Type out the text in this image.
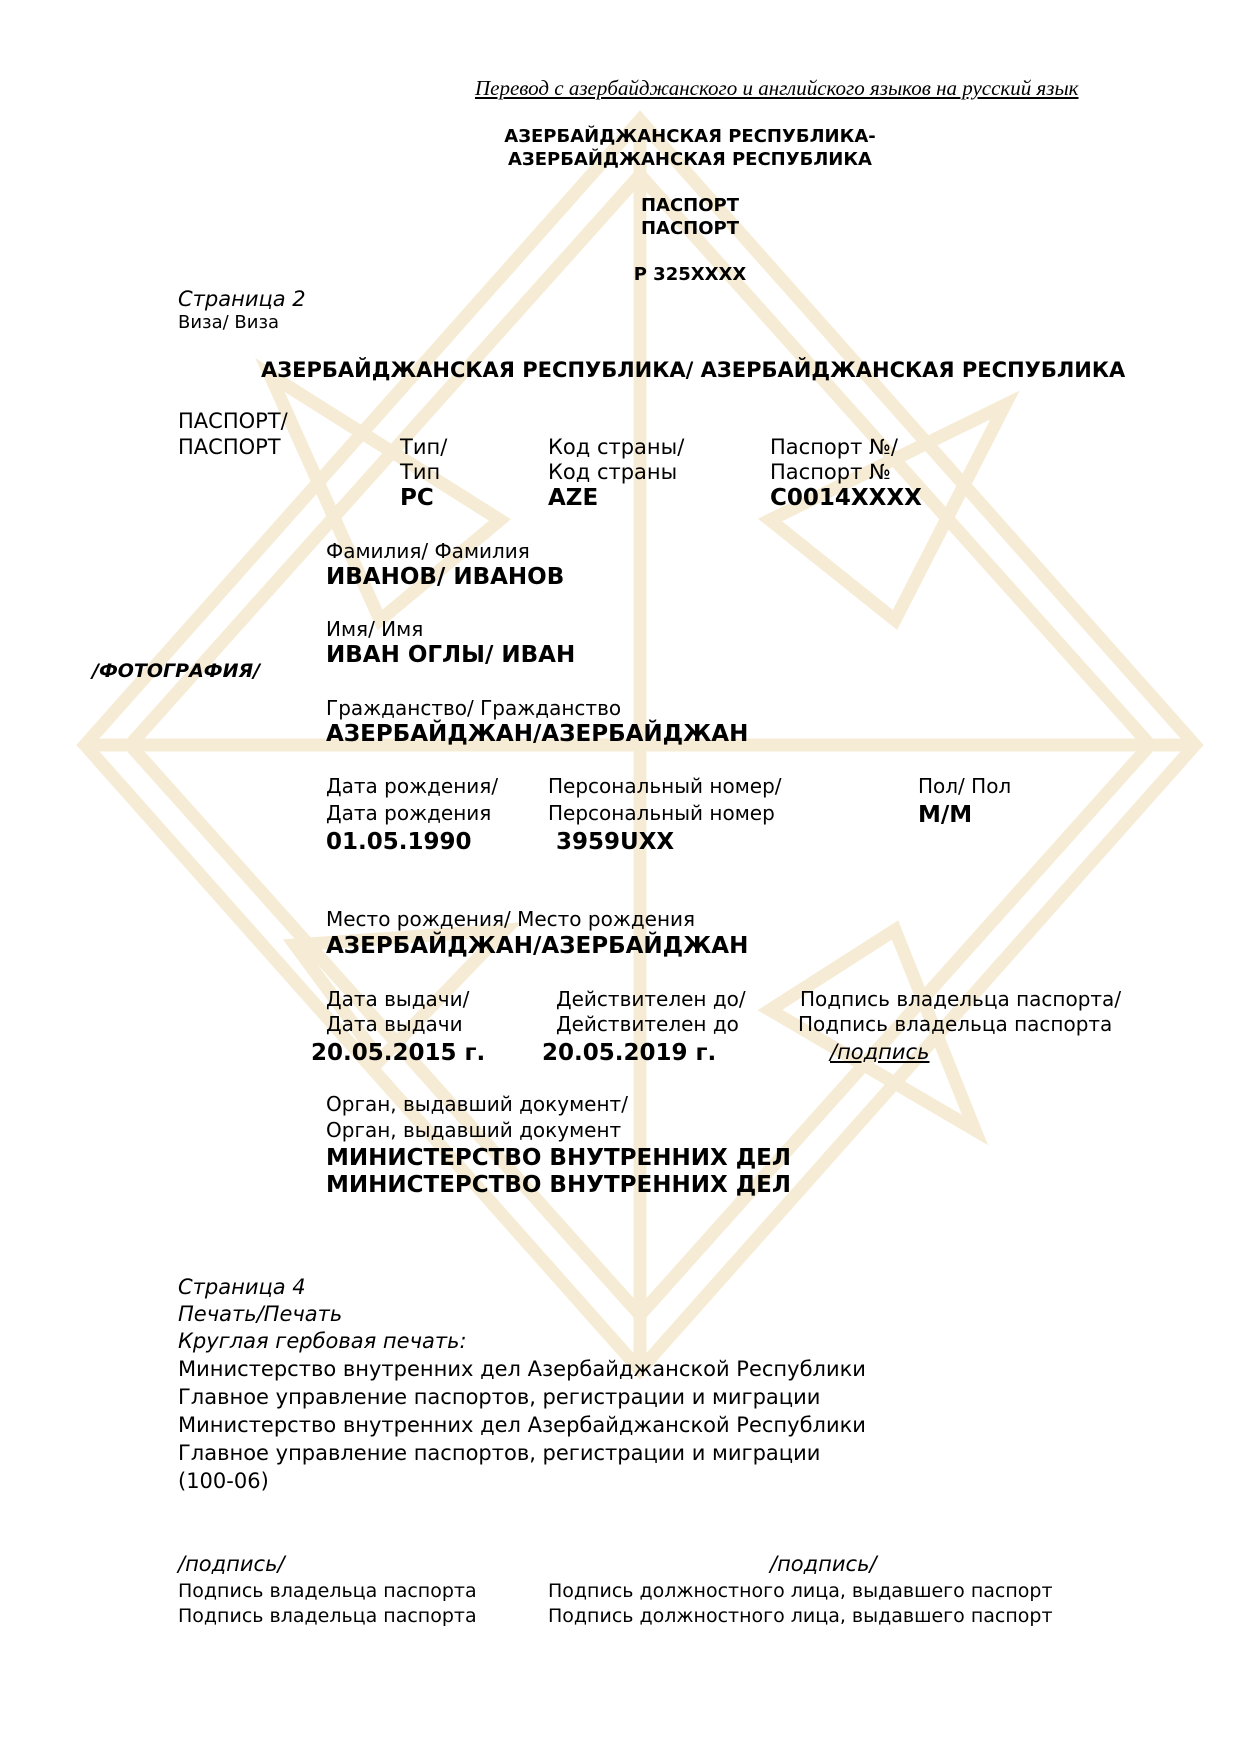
Перевод с азербайджанского и английского языков на русский язык
АЗЕРБАЙДЖАНСКАЯ РЕСПУБЛИКА-
АЗЕРБАЙДЖАНСКАЯ РЕСПУБЛИКА
ПАСПОРТ
ПАСПОРТ
P 325XXXX
Страница 2
Виза/ Виза
АЗЕРБАЙДЖАНСКАЯ РЕСПУБЛИКА/ АЗЕРБАЙДЖАНСКАЯ РЕСПУБЛИКА
ПАСПОРТ/
ПАСПОРТ	Тип/
Тип
PC
Код страны/
Код страны
AZE
Паспорт №/
Паспорт №
C0014XXXX
Фамилия/ Фамилия
ИВАНОВ/ ИВАНОВ
Имя/ Имя
ИВАН ОГЛЫ/ ИВАН
/ФОТОГРАФИЯ/
Гражданство/ Гражданство
АЗЕРБАЙДЖАН/АЗЕРБАЙДЖАН
Дата рождения/
Дата рождения
01.05.1990
Персональный номер/
Персональный номер
3959UXX
Пол/ Пол
M/M
Место рождения/ Место рождения
АЗЕРБАЙДЖАН/АЗЕРБАЙДЖАН
Дата выдачи/
Дата выдачи
20.05.2015 г.
Действителен до/
Действителен до
20.05.2019 г.
Подпись владельца паспорта/
Подпись владельца паспорта
/подпись
Орган, выдавший документ/
Орган, выдавший документ
МИНИСТЕРСТВО ВНУТРЕННИХ ДЕЛ
МИНИСТЕРСТВО ВНУТРЕННИХ ДЕЛ
Страница 4
Печать/Печать
Круглая гербовая печать:
Министерство внутренних дел Азербайджанской Республики
Главное управление паспортов, регистрации и миграции
Министерство внутренних дел Азербайджанской Республики
Главное управление паспортов, регистрации и миграции
(100-06)
/подпись/	/подпись/
Подпись владельца паспорта
Подпись владельца паспорта
Подпись должностного лица, выдавшего паспорт
Подпись должностного лица, выдавшего паспорт
